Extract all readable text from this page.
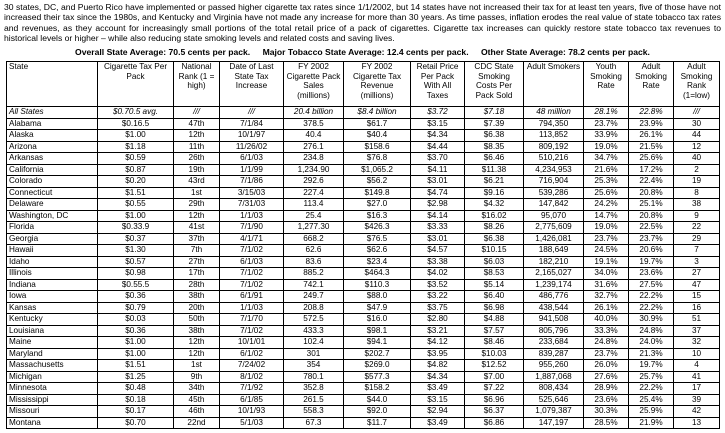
30 states, DC, and Puerto Rico have implemented or passed higher cigarette tax rates since 1/1/2002, but 14 states have not increased their tax for at least ten years, five of those have not increased their tax since the 1980s, and Kentucky and Virginia have not made any increase for more than 30 years. As time passes, inflation erodes the real value of state tobacco tax rates and revenues, as they account for increasingly small portions of the total retail price of a pack of cigarettes. Cigarette tax increases can quickly restore state tobacco tax revenues to historical levels or higher – while also reducing state smoking levels and related costs and saving lives.
Overall State Average: 70.5 cents per pack. Major Tobacco State Average: 12.4 cents per pack. Other State Average: 78.2 cents per pack.
State	Cigarette Tax Per Pack	National Rank (1 = high)	Date of Last State Tax Increase	FY 2002 Cigarette Pack Sales (millions)	FY 2002 Cigarette Tax Revenue (millions)	Retail Price Per Pack With All Taxes	CDC State Smoking Costs Per Pack Sold	Adult Smokers	Youth Smoking Rate	Adult Smoking Rate	Adult Smoking Rank (1=low)
All States	$0.70.5 avg.	///	///	20.4 billion	$8.4 billion	$3.72	$7.18	48 million	28.1%	22.8%	///
Alabama	$0.16.5	47th	7/1/84	378.5	$61.7	$3.15	$7.39	794,350	23.7%	23.9%	30
Alaska	$1.00	12th	10/1/97	40.4	$40.4	$4.34	$6.38	113,852	33.9%	26.1%	44
Arizona	$1.18	11th	11/26/02	276.1	$158.6	$4.44	$8.35	809,192	19.0%	21.5%	12
Arkansas	$0.59	26th	6/1/03	234.8	$76.8	$3.70	$6.46	510,216	34.7%	25.6%	40
California	$0.87	19th	1/1/99	1,234.90	$1,065.2	$4.11	$11.38	4,234,953	21.6%	17.2%	2
Colorado	$0.20	43rd	7/1/86	292.6	$56.2	$3.01	$6.21	716,904	25.3%	22.4%	19
Connecticut	$1.51	1st	3/15/03	227.4	$149.8	$4.74	$9.16	539,286	25.6%	20.8%	8
Delaware	$0.55	29th	7/31/03	113.4	$27.0	$2.98	$4.32	147,842	24.2%	25.1%	38
Washington, DC	$1.00	12th	1/1/03	25.4	$16.3	$4.14	$16.02	95,070	14.7%	20.8%	9
Florida	$0.33.9	41st	7/1/90	1,277.30	$426.3	$3.33	$8.26	2,775,609	19.0%	22.5%	22
Georgia	$0.37	37th	4/1/71	668.2	$76.5	$3.01	$6.38	1,426,081	23.7%	23.7%	29
Hawaii	$1.30	7th	7/1/02	62.6	$62.6	$4.57	$10.15	188,649	24.5%	20.6%	7
Idaho	$0.57	27th	6/1/03	83.6	$23.4	$3.38	$6.03	182,210	19.1%	19.7%	3
Illinois	$0.98	17th	7/1/02	885.2	$464.3	$4.02	$8.53	2,165,027	34.0%	23.6%	27
Indiana	$0.55.5	28th	7/1/02	742.1	$110.3	$3.52	$5.14	1,239,174	31.6%	27.5%	47
Iowa	$0.36	38th	6/1/91	249.7	$88.0	$3.22	$6.40	486,776	32.7%	22.2%	15
Kansas	$0.79	20th	1/1/03	208.8	$47.9	$3.75	$6.98	438,544	26.1%	22.2%	16
Kentucky	$0.03	50th	7/1/70	572.5	$16.0	$2.80	$4.88	941,508	40.0%	30.9%	51
Louisiana	$0.36	38th	7/1/02	433.3	$98.1	$3.21	$7.57	805,796	33.3%	24.8%	37
Maine	$1.00	12th	10/1/01	102.4	$94.1	$4.12	$8.46	233,684	24.8%	24.0%	32
Maryland	$1.00	12th	6/1/02	301	$202.7	$3.95	$10.03	839,287	23.7%	21.3%	10
Massachusetts	$1.51	1st	7/24/02	354	$269.0	$4.82	$12.52	955,260	26.0%	19.7%	4
Michigan	$1.25	9th	8/1/02	780.1	$577.3	$4.34	$7.00	1,887,068	27.6%	25.7%	41
Minnesota	$0.48	34th	7/1/92	352.8	$158.2	$3.49	$7.22	808,434	28.9%	22.2%	17
Mississippi	$0.18	45th	6/1/85	261.5	$44.0	$3.15	$6.96	525,646	23.6%	25.4%	39
Missouri	$0.17	46th	10/1/93	558.3	$92.0	$2.94	$6.37	1,079,387	30.3%	25.9%	42
Montana	$0.70	22nd	5/1/03	67.3	$11.7	$3.49	$6.86	147,197	28.5%	21.9%	13
